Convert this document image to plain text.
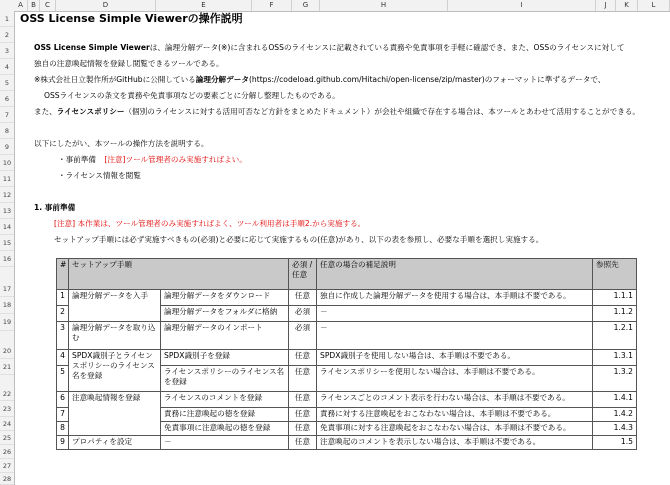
A	B	C	D	E	F	G	H	I	J	K	L
1
2
3
4
5
6
7
8
9
10
11
12
13
14
15
16
17
18
19
20
21
22
23
24
25
26
27
28
OSS License Simple Viewerの操作説明
OSS License Simple Viewerは、論理分解データ(※)に含まれるOSSのライセンスに記載されている責務や免責事項を手軽に確認でき、また、OSSのライセンスに対して
独自の注意喚起情報を登録し閲覧できるツールである。
※株式会社日立製作所がGitHubに公開している論理分解データ(https://codeload.github.com/Hitachi/open-license/zip/master)のフォーマットに準ずるデータで、
OSSライセンスの条文を責務や免責事項などの要素ごとに分解し整理したものである。
また、ライセンスポリシー（個別のライセンスに対する活用可否など方針をまとめたドキュメント）が会社や組織で存在する場合は、本ツールとあわせて活用することができる。
以下にしたがい、本ツールの操作方法を説明する。
・事前準備 [注意]ツール管理者のみ実施すればよい。
・ライセンス情報を閲覧
1. 事前準備
[注意] 本作業は、ツール管理者のみ実施すればよく、ツール利用者は手順2.から実施する。
セットアップ手順には必ず実施すべきもの(必須)と必要に応じて実施するもの(任意)があり、以下の表を参照し、必要な手順を選択し実施する。
#	セットアップ手順		必須 / 任意	任意の場合の補足説明	参照先
1	論理分解データを入手	論理分解データをダウンロード	任意	独自に作成した論理分解データを使用する場合は、本手順は不要である。	1.1.1
2		論理分解データをフォルダに格納	必須	－	1.1.2
3	論理分解データを取り込む	論理分解データのインポート	必須	－	1.2.1
4	SPDX識別子とライセンスポリシーのライセンス名を登録	SPDX識別子を登録	任意	SPDX識別子を使用しない場合は、本手順は不要である。	1.3.1
5		ライセンスポリシーのライセンス名を登録	任意	ライセンスポリシーを使用しない場合は、本手順は不要である。	1.3.2
6	注意喚起情報を登録	ライセンスのコメントを登録	任意	ライセンスごとのコメント表示を行わない場合は、本手順は不要である。	1.4.1
7		責務に注意喚起の徳を登録	任意	責務に対する注意喚起をおこなわない場合は、本手順は不要である。	1.4.2
8		免責事項に注意喚起の徳を登録	任意	免責事項に対する注意喚起をおこなわない場合は、本手順は不要である。	1.4.3
9	プロパティを設定	－	任意	注意喚起のコメントを表示しない場合は、本手順は不要である。	1.5
